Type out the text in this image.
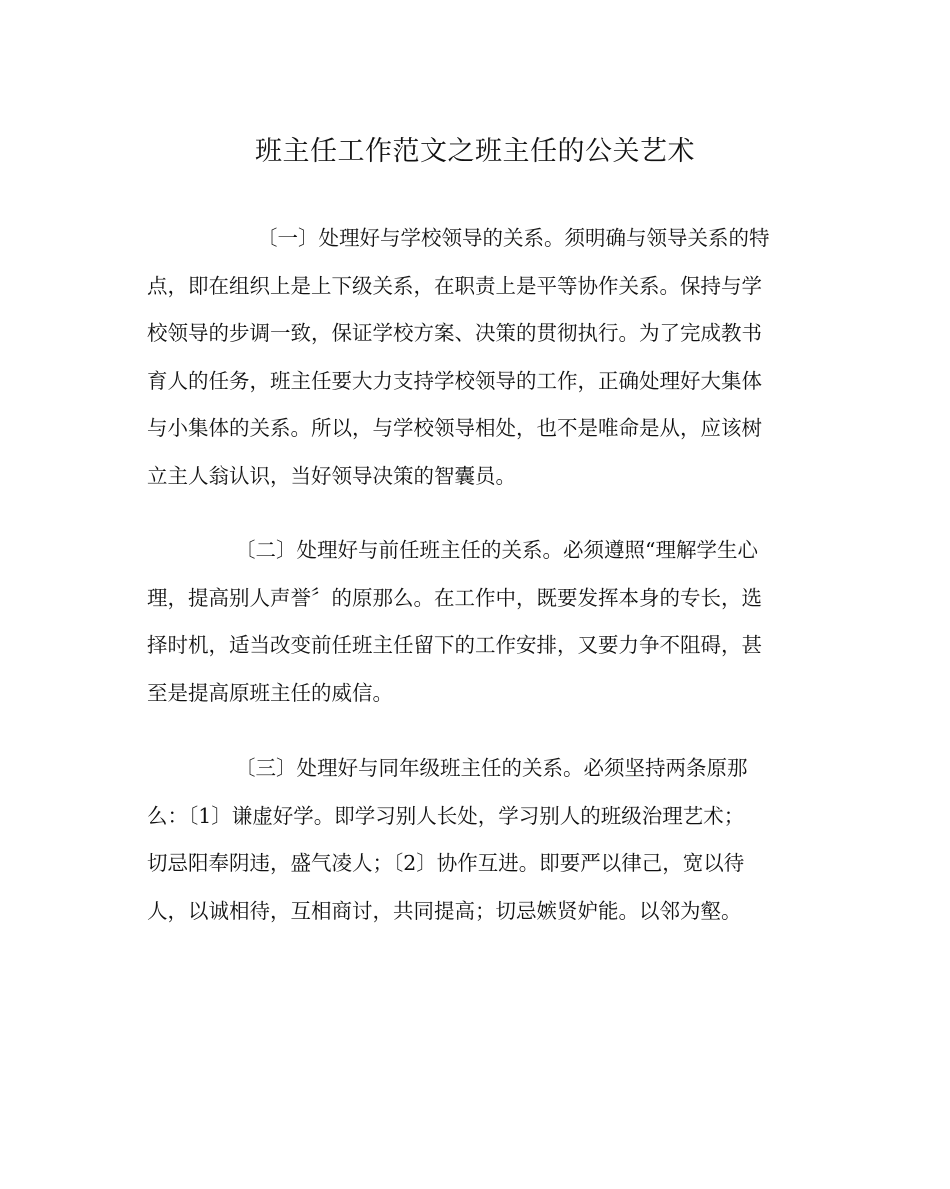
班主任工作范文之班主任的公关艺术

〔一〕处理好与学校领导的关系。须明确与领导关系的特
点，即在组织上是上下级关系，在职责上是平等协作关系。保持与学
校领导的步调一致，保证学校方案、决策的贯彻执行。为了完成教书
育人的任务，班主任要大力支持学校领导的工作，正确处理好大集体
与小集体的关系。所以，与学校领导相处，也不是唯命是从，应该树
立主人翁认识，当好领导决策的智囊员。

〔二〕处理好与前任班主任的关系。必须遵照“理解学生心
理，提高别人声誉〞的原那么。在工作中，既要发挥本身的专长，选
择时机，适当改变前任班主任留下的工作安排，又要力争不阻碍，甚
至是提高原班主任的威信。

〔三〕处理好与同年级班主任的关系。必须坚持两条原那
么：〔1〕谦虚好学。即学习别人长处，学习别人的班级治理艺术；
切忌阳奉阴违，盛气凌人；〔2〕协作互进。即要严以律己，宽以待
人，以诚相待，互相商讨，共同提高；切忌嫉贤妒能。以邻为壑。
